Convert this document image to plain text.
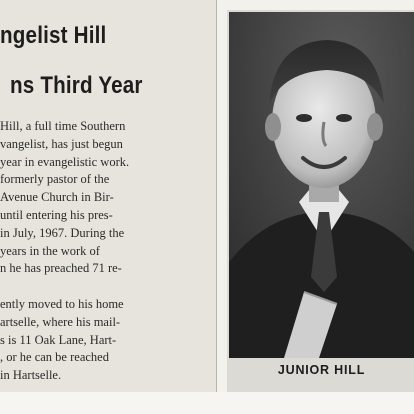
ngelist Hill
ns Third Year
Hill, a full time Southern
vangelist, has just begun
year in evangelistic work.
formerly pastor of the
Avenue Church in Bir-
until entering his pres-
in July, 1967. During the
years in the work of
n he has preached 71 re-
ently moved to his home
artselle, where his mail-
s is 11 Oak Lane, Hart-
, or he can be reached
in Hartselle.	JUNIOR HILL
